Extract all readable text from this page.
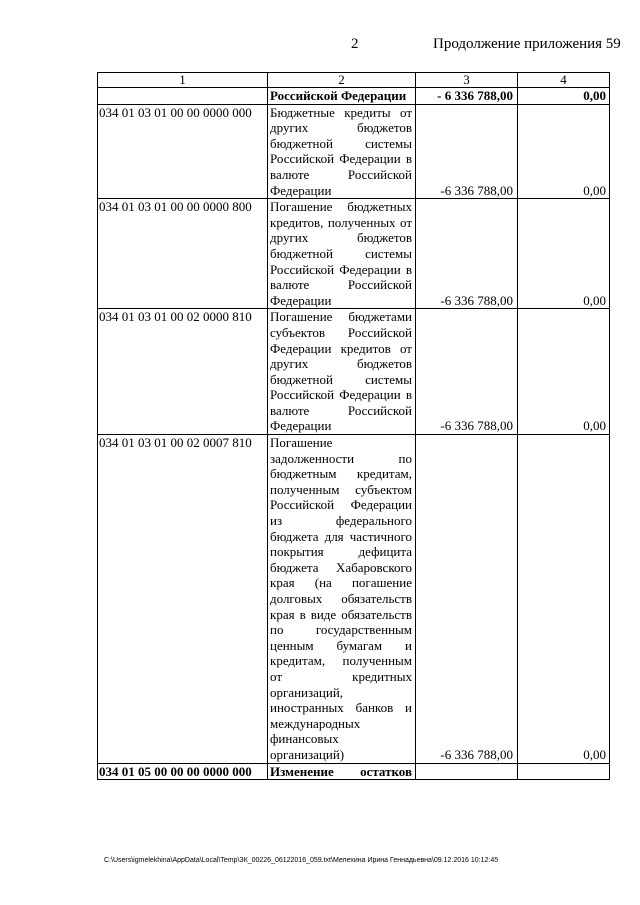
2	Продолжение приложения 59
1	2	3	4
	Российской Федерации	- 6 336 788,00	0,00
034 01 03 01 00 00 0000 000	Бюджетные кредиты от других бюджетов бюджетной системы Российской Федерации в валюте Российской Федерации	-6 336 788,00	0,00
034 01 03 01 00 00 0000 800	Погашение бюджетных кредитов, полученных от других бюджетов бюджетной системы Российской Федерации в валюте Российской Федерации	-6 336 788,00	0,00
034 01 03 01 00 02 0000 810	Погашение бюджетами субъектов Российской Федерации кредитов от других бюджетов бюджетной системы Российской Федерации в валюте Российской Федерации	-6 336 788,00	0,00
034 01 03 01 00 02 0007 810	Погашение задолженности по бюджетным кредитам, полученным субъектом Российской Федерации из федерального бюджета для частичного покрытия дефицита бюджета Хабаровского края (на погашение долговых обязательств края в виде обязательств по государственным ценным бумагам и кредитам, полученным от кредитных организаций, иностранных банков и международных финансовых организаций)	-6 336 788,00	0,00
034 01 05 00 00 00 0000 000	Изменение остатков		
C:\Users\igmelekhina\AppData\Local\Temp\ЗК_00226_06122016_059.txt\Мелехина Ирина Геннадьевна\09.12.2016 10:12:45
